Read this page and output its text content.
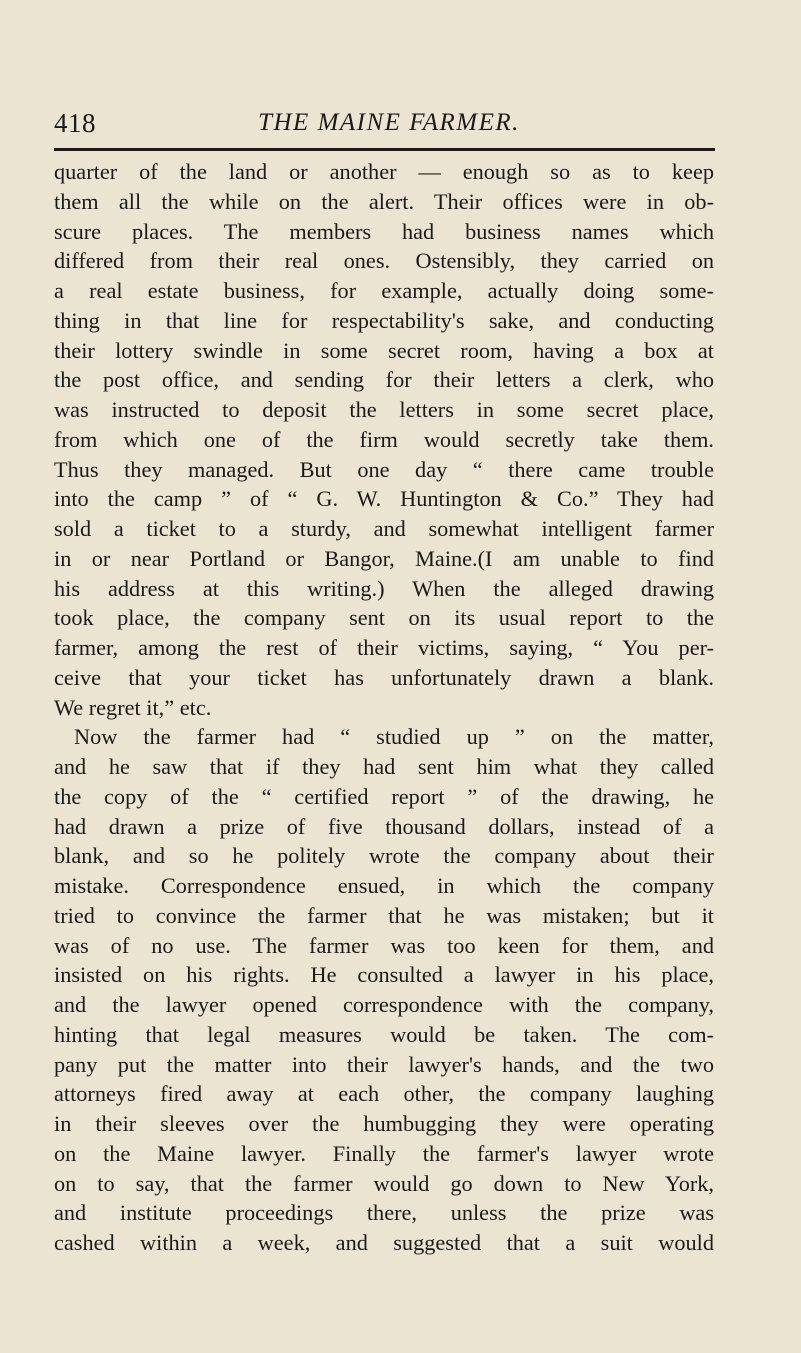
418	THE MAINE FARMER.
quarter of the land or another — enough so as to keep
them all the while on the alert. Their offices were in ob-
scure places. The members had business names which
differed from their real ones. Ostensibly, they carried on
a real estate business, for example, actually doing some-
thing in that line for respectability's sake, and conducting
their lottery swindle in some secret room, having a box at
the post office, and sending for their letters a clerk, who
was instructed to deposit the letters in some secret place,
from which one of the firm would secretly take them.
Thus they managed. But one day “ there came trouble
into the camp ” of “ G. W. Huntington & Co.” They had
sold a ticket to a sturdy, and somewhat intelligent farmer
in or near Portland or Bangor, Maine.(I am unable to find
his address at this writing.) When the alleged drawing
took place, the company sent on its usual report to the
farmer, among the rest of their victims, saying, “ You per-
ceive that your ticket has unfortunately drawn a blank.
We regret it,” etc.
Now the farmer had “ studied up ” on the matter,
and he saw that if they had sent him what they called
the copy of the “ certified report ” of the drawing, he
had drawn a prize of five thousand dollars, instead of a
blank, and so he politely wrote the company about their
mistake. Correspondence ensued, in which the company
tried to convince the farmer that he was mistaken; but it
was of no use. The farmer was too keen for them, and
insisted on his rights. He consulted a lawyer in his place,
and the lawyer opened correspondence with the company,
hinting that legal measures would be taken. The com-
pany put the matter into their lawyer's hands, and the two
attorneys fired away at each other, the company laughing
in their sleeves over the humbugging they were operating
on the Maine lawyer. Finally the farmer's lawyer wrote
on to say, that the farmer would go down to New York,
and institute proceedings there, unless the prize was
cashed within a week, and suggested that a suit would
